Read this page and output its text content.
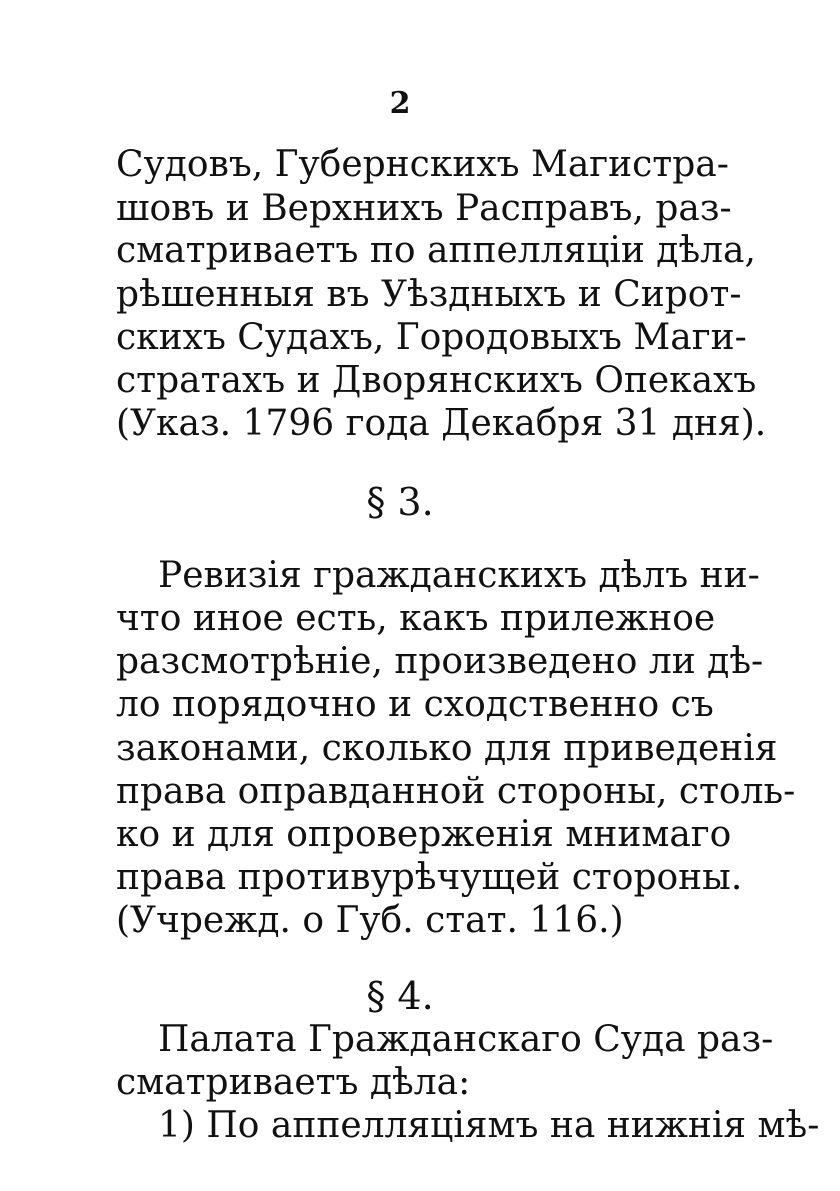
2
Судовъ, Губернскихъ Магистра-
шовъ и Верхнихъ Расправъ, раз-
сматриваетъ по аппелляціи дѣла,
рѣшенныя въ Уѣздныхъ и Сирот-
скихъ Судахъ, Городовыхъ Маги-
стратахъ и Дворянскихъ Опекахъ
(Указ. 1796 года Декабря 31 дня).
§ 3.
Ревизія гражданскихъ дѣлъ ни-
что иное есть, какъ прилежное
разсмотрѣніе, произведено ли дѣ-
ло порядочно и сходственно съ
законами, сколько для приведенія
права оправданной стороны, столь-
ко и для опроверженія мнимаго
права противурѣчущей стороны.
(Учрежд. о Губ. стат. 116.)
§ 4.
Палата Гражданскаго Суда раз-
сматриваетъ дѣла:
1) По аппелляціямъ на нижнія мѣ-
